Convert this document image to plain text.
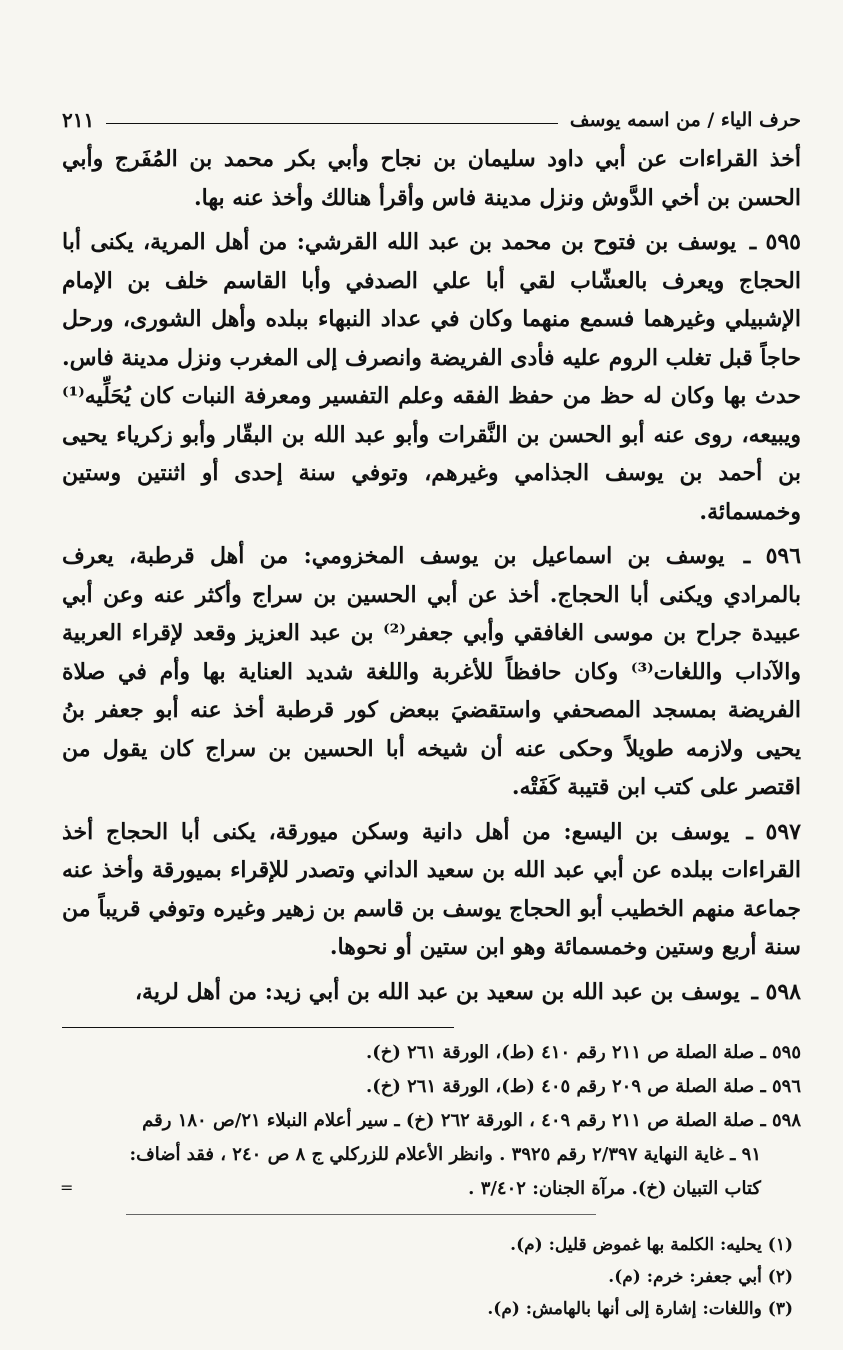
حرف الياء / من اسمه يوسف
٢١١

أخذ القراءات عن أبي داود سليمان بن نجاح وأبي بكر محمد بن المُفَرج وأبي الحسن بن أخي الدَّوش ونزل مدينة فاس وأقرأ هنالك وأخذ عنه بها.

٥٩٥ ـ يوسف بن فتوح بن محمد بن عبد الله القرشي: من أهل المرية، يكنى أبا الحجاج ويعرف بالعشّاب لقي أبا علي الصدفي وأبا القاسم خلف بن الإمام الإشبيلي وغيرهما فسمع منهما وكان في عداد النبهاء ببلده وأهل الشورى، ورحل حاجاً قبل تغلب الروم عليه فأدى الفريضة وانصرف إلى المغرب ونزل مدينة فاس. حدث بها وكان له حظ من حفظ الفقه وعلم التفسير ومعرفة النبات كان يُحَلِّيه⁽¹⁾ ويبيعه، روى عنه أبو الحسن بن النَّقرات وأبو عبد الله بن البقّار وأبو زكرياء يحيى بن أحمد بن يوسف الجذامي وغيرهم، وتوفي سنة إحدى أو اثنتين وستين وخمسمائة.

٥٩٦ ـ يوسف بن اسماعيل بن يوسف المخزومي: من أهل قرطبة، يعرف بالمرادي ويكنى أبا الحجاج. أخذ عن أبي الحسين بن سراج وأكثر عنه وعن أبي عبيدة جراح بن موسى الغافقي وأبي جعفر⁽²⁾ بن عبد العزيز وقعد لإقراء العربية والآداب واللغات⁽³⁾ وكان حافظاً للأغربة واللغة شديد العناية بها وأم في صلاة الفريضة بمسجد المصحفي واستقضيَ ببعض كور قرطبة أخذ عنه أبو جعفر بنُ يحيى ولازمه طويلاً وحكى عنه أن شيخه أبا الحسين بن سراج كان يقول من اقتصر على كتب ابن قتيبة كَفَتْه.

٥٩٧ ـ يوسف بن اليسع: من أهل دانية وسكن ميورقة، يكنى أبا الحجاج أخذ القراءات ببلده عن أبي عبد الله بن سعيد الداني وتصدر للإقراء بميورقة وأخذ عنه جماعة منهم الخطيب أبو الحجاج يوسف بن قاسم بن زهير وغيره وتوفي قريباً من سنة أربع وستين وخمسمائة وهو ابن ستين أو نحوها.

٥٩٨ ـ يوسف بن عبد الله بن سعيد بن عبد الله بن أبي زيد: من أهل لرية،

٥٩٥ ـ صلة الصلة ص ٢١١ رقم ٤١٠ (ط)، الورقة ٢٦١ (خ).

٥٩٦ ـ صلة الصلة ص ٢٠٩ رقم ٤٠٥ (ط)، الورقة ٢٦١ (خ).

٥٩٨ ـ صلة الصلة ص ٢١١ رقم ٤٠٩ ، الورقة ٢٦٢ (خ) ـ سير أعلام النبلاء ٢١/ص ١٨٠ رقم

٩١ ـ غاية النهاية ٢/٣٩٧ رقم ٣٩٢٥ . وانظر الأعلام للزركلي ج ٨ ص ٢٤٠ ، فقد أضاف:

كتاب التبيان (خ). مرآة الجنان: ٣/٤٠٢ .

(١) يحليه: الكلمة بها غموض قليل: (م).

(٢) أبي جعفر: خرم: (م).

(٣) واللغات: إشارة إلى أنها بالهامش: (م).

=
